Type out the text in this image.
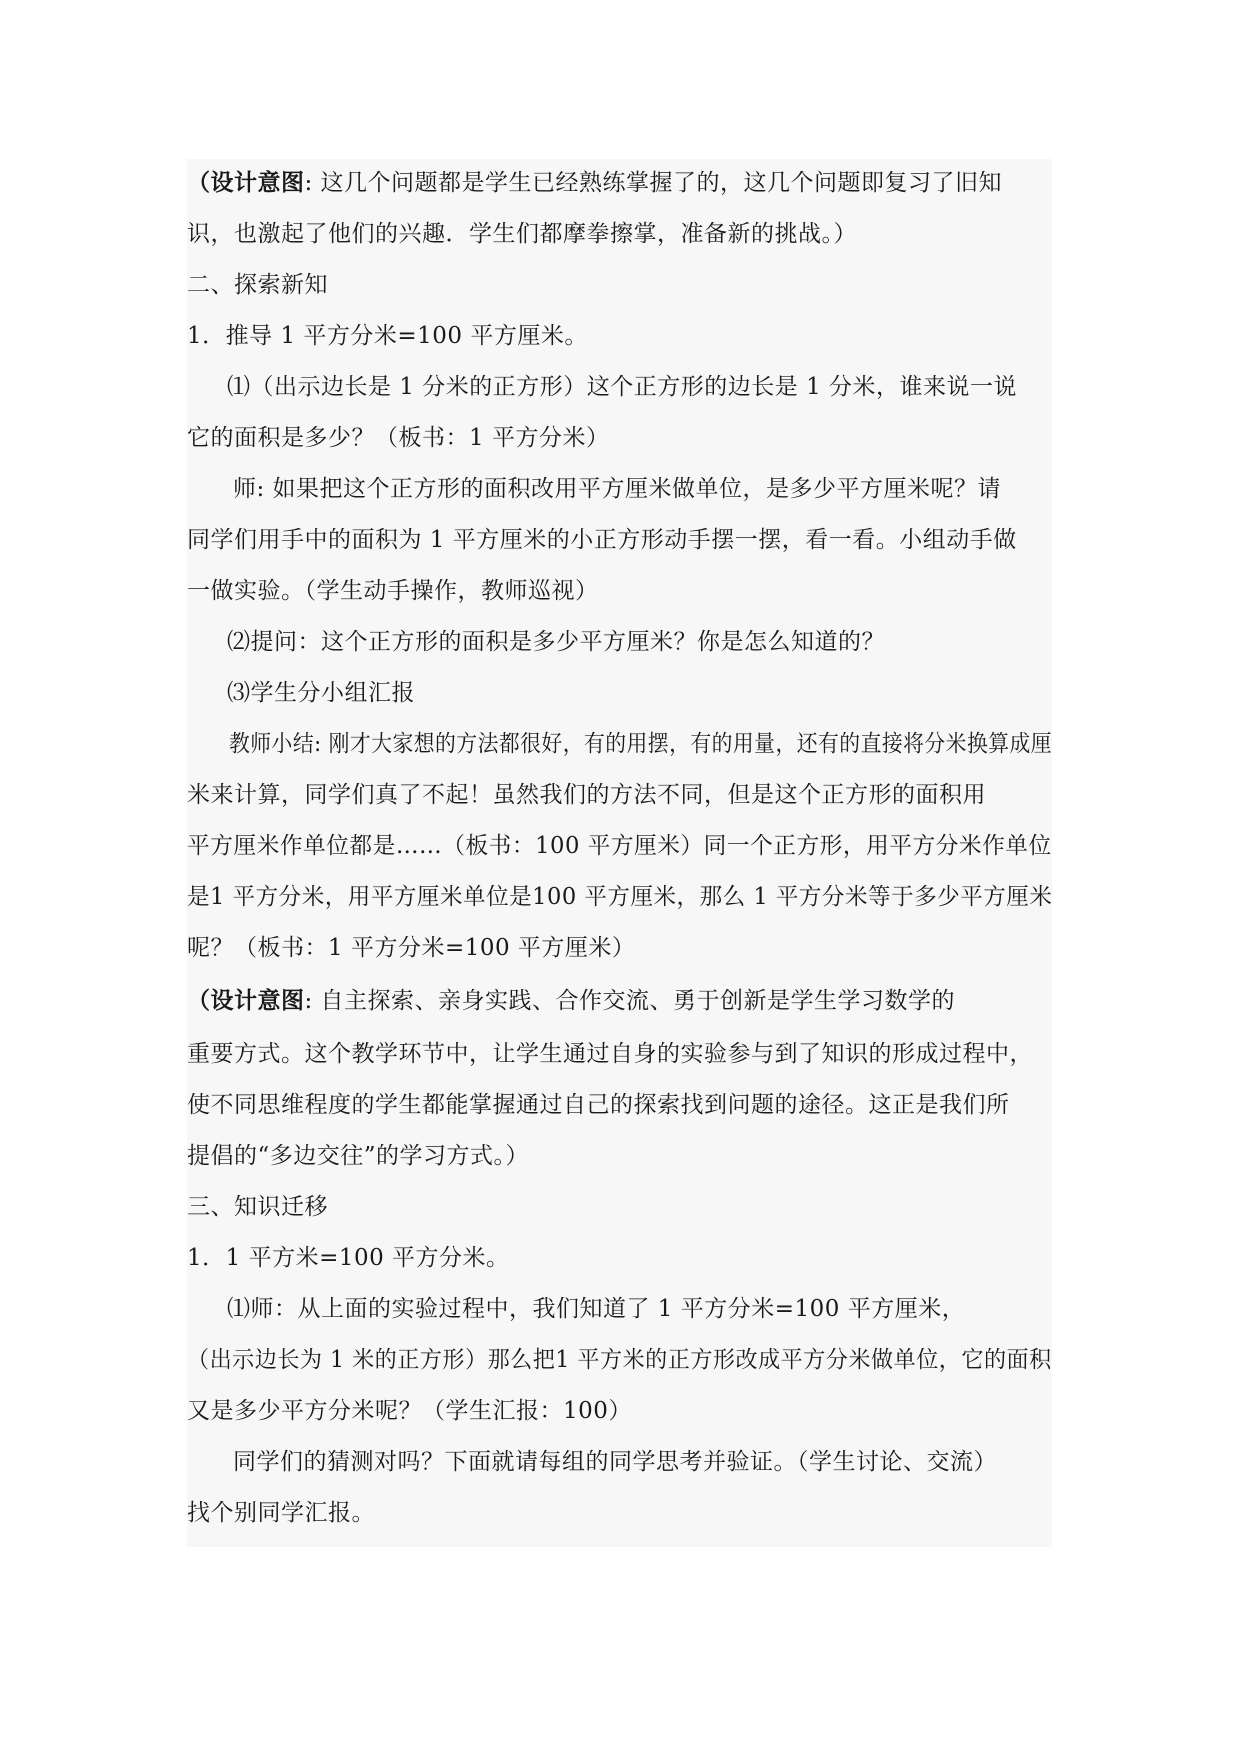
（设计意图: 这几个问题都是学生已经熟练掌握了的，这几个问题即复习了旧知
识，也激起了他们的兴趣．学生们都摩拳擦掌，准备新的挑战。）
二、探索新知
1．推导 1 平方分米=100 平方厘米。
⑴（出示边长是 1 分米的正方形）这个正方形的边长是 1 分米，谁来说一说
它的面积是多少？（板书：1 平方分米）
师: 如果把这个正方形的面积改用平方厘米做单位，是多少平方厘米呢？请
同学们用手中的面积为 1 平方厘米的小正方形动手摆一摆，看一看。小组动手做
一做实验。（学生动手操作，教师巡视）
⑵提问：这个正方形的面积是多少平方厘米？你是怎么知道的？
⑶学生分小组汇报
教师小结: 刚才大家想的方法都很好，有的用摆，有的用量，还有的直接将分米换算成厘
米来计算，同学们真了不起！虽然我们的方法不同，但是这个正方形的面积用
平方厘米作单位都是……（板书：100 平方厘米）同一个正方形，用平方分米作单位
是1 平方分米，用平方厘米单位是100 平方厘米，那么 1 平方分米等于多少平方厘米
呢？（板书：1 平方分米=100 平方厘米）
（设计意图: 自主探索、亲身实践、合作交流、勇于创新是学生学习数学的
重要方式。这个教学环节中，让学生通过自身的实验参与到了知识的形成过程中，
使不同思维程度的学生都能掌握通过自己的探索找到问题的途径。这正是我们所
提倡的“多边交往”的学习方式。）
三、知识迁移
1．1 平方米=100 平方分米。
⑴师：从上面的实验过程中，我们知道了 1 平方分米=100 平方厘米，
（出示边长为 1 米的正方形）那么把1 平方米的正方形改成平方分米做单位，它的面积
又是多少平方分米呢？（学生汇报：100）
同学们的猜测对吗？下面就请每组的同学思考并验证。（学生讨论、交流）
找个别同学汇报。
